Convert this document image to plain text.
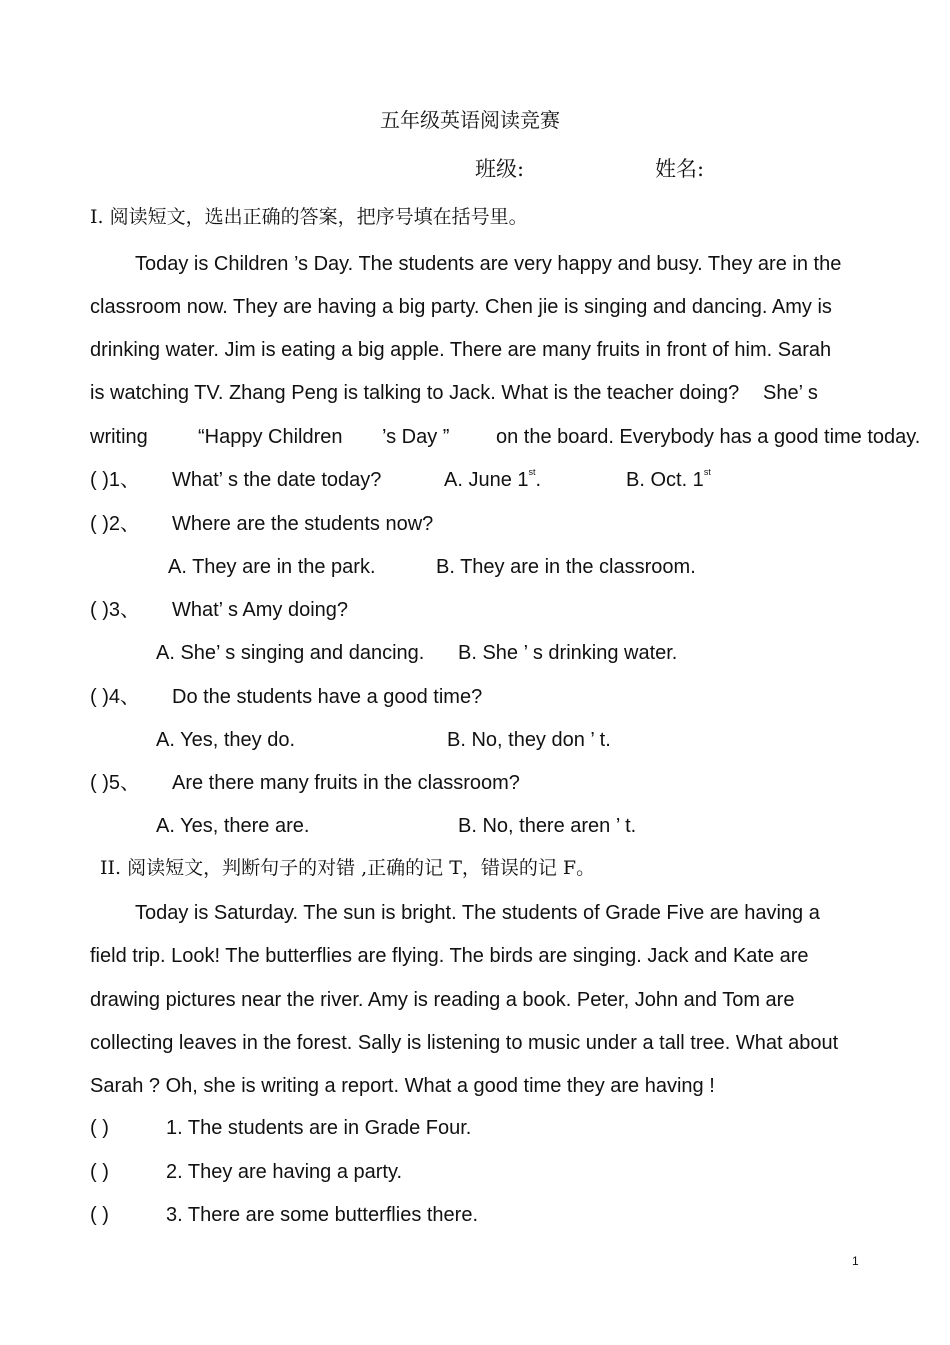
五年级英语阅读竞赛
班级:	姓名:
I. 阅读短文，选出正确的答案，把序号填在括号里。
Today is Children ’s Day. The students are very happy and busy. They are in the
classroom now. They are having a big party. Chen jie is singing and dancing. Amy is
drinking water. Jim is eating a big apple. There are many fruits in front of him. Sarah
is watching TV. Zhang Peng is talking to Jack. What is the teacher doing? She’ s
writing	“Happy Children ’s Day ” on the board. Everybody has a good time today.
( )1、 What’ s the date today?	A. June 1st.	B. Oct. 1st
( )2、 Where are the students now?
A. They are in the park.	B. They are in the classroom.
( )3、 What’ s Amy doing?
A. She’ s singing and dancing. B. She ’ s drinking water.
( )4、 Do the students have a good time?
A. Yes, they do.	B. No, they don ’ t.
( )5、 Are there many fruits in the classroom?
A. Yes, there are.	B. No, there aren ’ t.
II. 阅读短文，判断句子的对错 ,正确的记 T，错误的记 F。
Today is Saturday. The sun is bright. The students of Grade Five are having a
field trip. Look! The butterflies are flying. The birds are singing. Jack and Kate are
drawing pictures near the river. Amy is reading a book. Peter, John and Tom are
collecting leaves in the forest. Sally is listening to music under a tall tree. What about
Sarah ? Oh, she is writing a report. What a good time they are having !
( )	1. The students are in Grade Four.
( )	2. They are having a party.
( )	3. There are some butterflies there.
1
